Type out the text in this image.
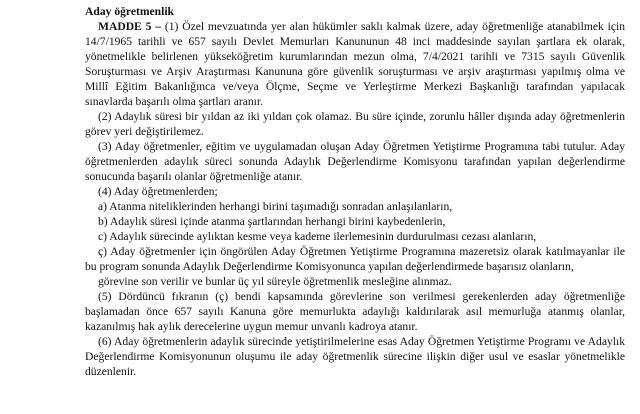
Aday öğretmenlik

MADDE 5 – (1) Özel mevzuatında yer alan hükümler saklı kalmak üzere, aday öğretmenliğe atanabilmek için 14/7/1965 tarihli ve 657 sayılı Devlet Memurları Kanununun 48 inci maddesinde sayılan şartlara ek olarak, yönetmelikle belirlenen yükseköğretim kurumlarından mezun olma, 7/4/2021 tarihli ve 7315 sayılı Güvenlik Soruşturması ve Arşiv Araştırması Kanununa göre güvenlik soruşturması ve arşiv araştırması yapılmış olma ve Millî Eğitim Bakanlığınca ve/veya Ölçme, Seçme ve Yerleştirme Merkezi Başkanlığı tarafından yapılacak sınavlarda başarılı olma şartları aranır.

(2) Adaylık süresi bir yıldan az iki yıldan çok olamaz. Bu süre içinde, zorunlu hâller dışında aday öğretmenlerin görev yeri değiştirilemez.

(3) Aday öğretmenler, eğitim ve uygulamadan oluşan Aday Öğretmen Yetiştirme Programına tabi tutulur. Aday öğretmenlerden adaylık süreci sonunda Adaylık Değerlendirme Komisyonu tarafından yapılan değerlendirme sonucunda başarılı olanlar öğretmenliğe atanır.

(4) Aday öğretmenlerden;

a) Atanma niteliklerinden herhangi birini taşımadığı sonradan anlaşılanların,

b) Adaylık süresi içinde atanma şartlarından herhangi birini kaybedenlerin,

c) Adaylık sürecinde aylıktan kesme veya kademe ilerlemesinin durdurulması cezası alanların,

ç) Aday öğretmenler için öngörülen Aday Öğretmen Yetiştirme Programına mazeretsiz olarak katılmayanlar ile bu program sonunda Adaylık Değerlendirme Komisyonunca yapılan değerlendirmede başarısız olanların,

görevine son verilir ve bunlar üç yıl süreyle öğretmenlik mesleğine alınmaz.

(5) Dördüncü fıkranın (ç) bendi kapsamında görevlerine son verilmesi gerekenlerden aday öğretmenliğe başlamadan önce 657 sayılı Kanuna göre memurlukta adaylığı kaldırılarak asıl memurluğa atanmış olanlar, kazanılmış hak aylık derecelerine uygun memur unvanlı kadroya atanır.

(6) Aday öğretmenlerin adaylık sürecinde yetiştirilmelerine esas Aday Öğretmen Yetiştirme Programı ve Adaylık Değerlendirme Komisyonunun oluşumu ile aday öğretmenlik sürecine ilişkin diğer usul ve esaslar yönetmelikle düzenlenir.
